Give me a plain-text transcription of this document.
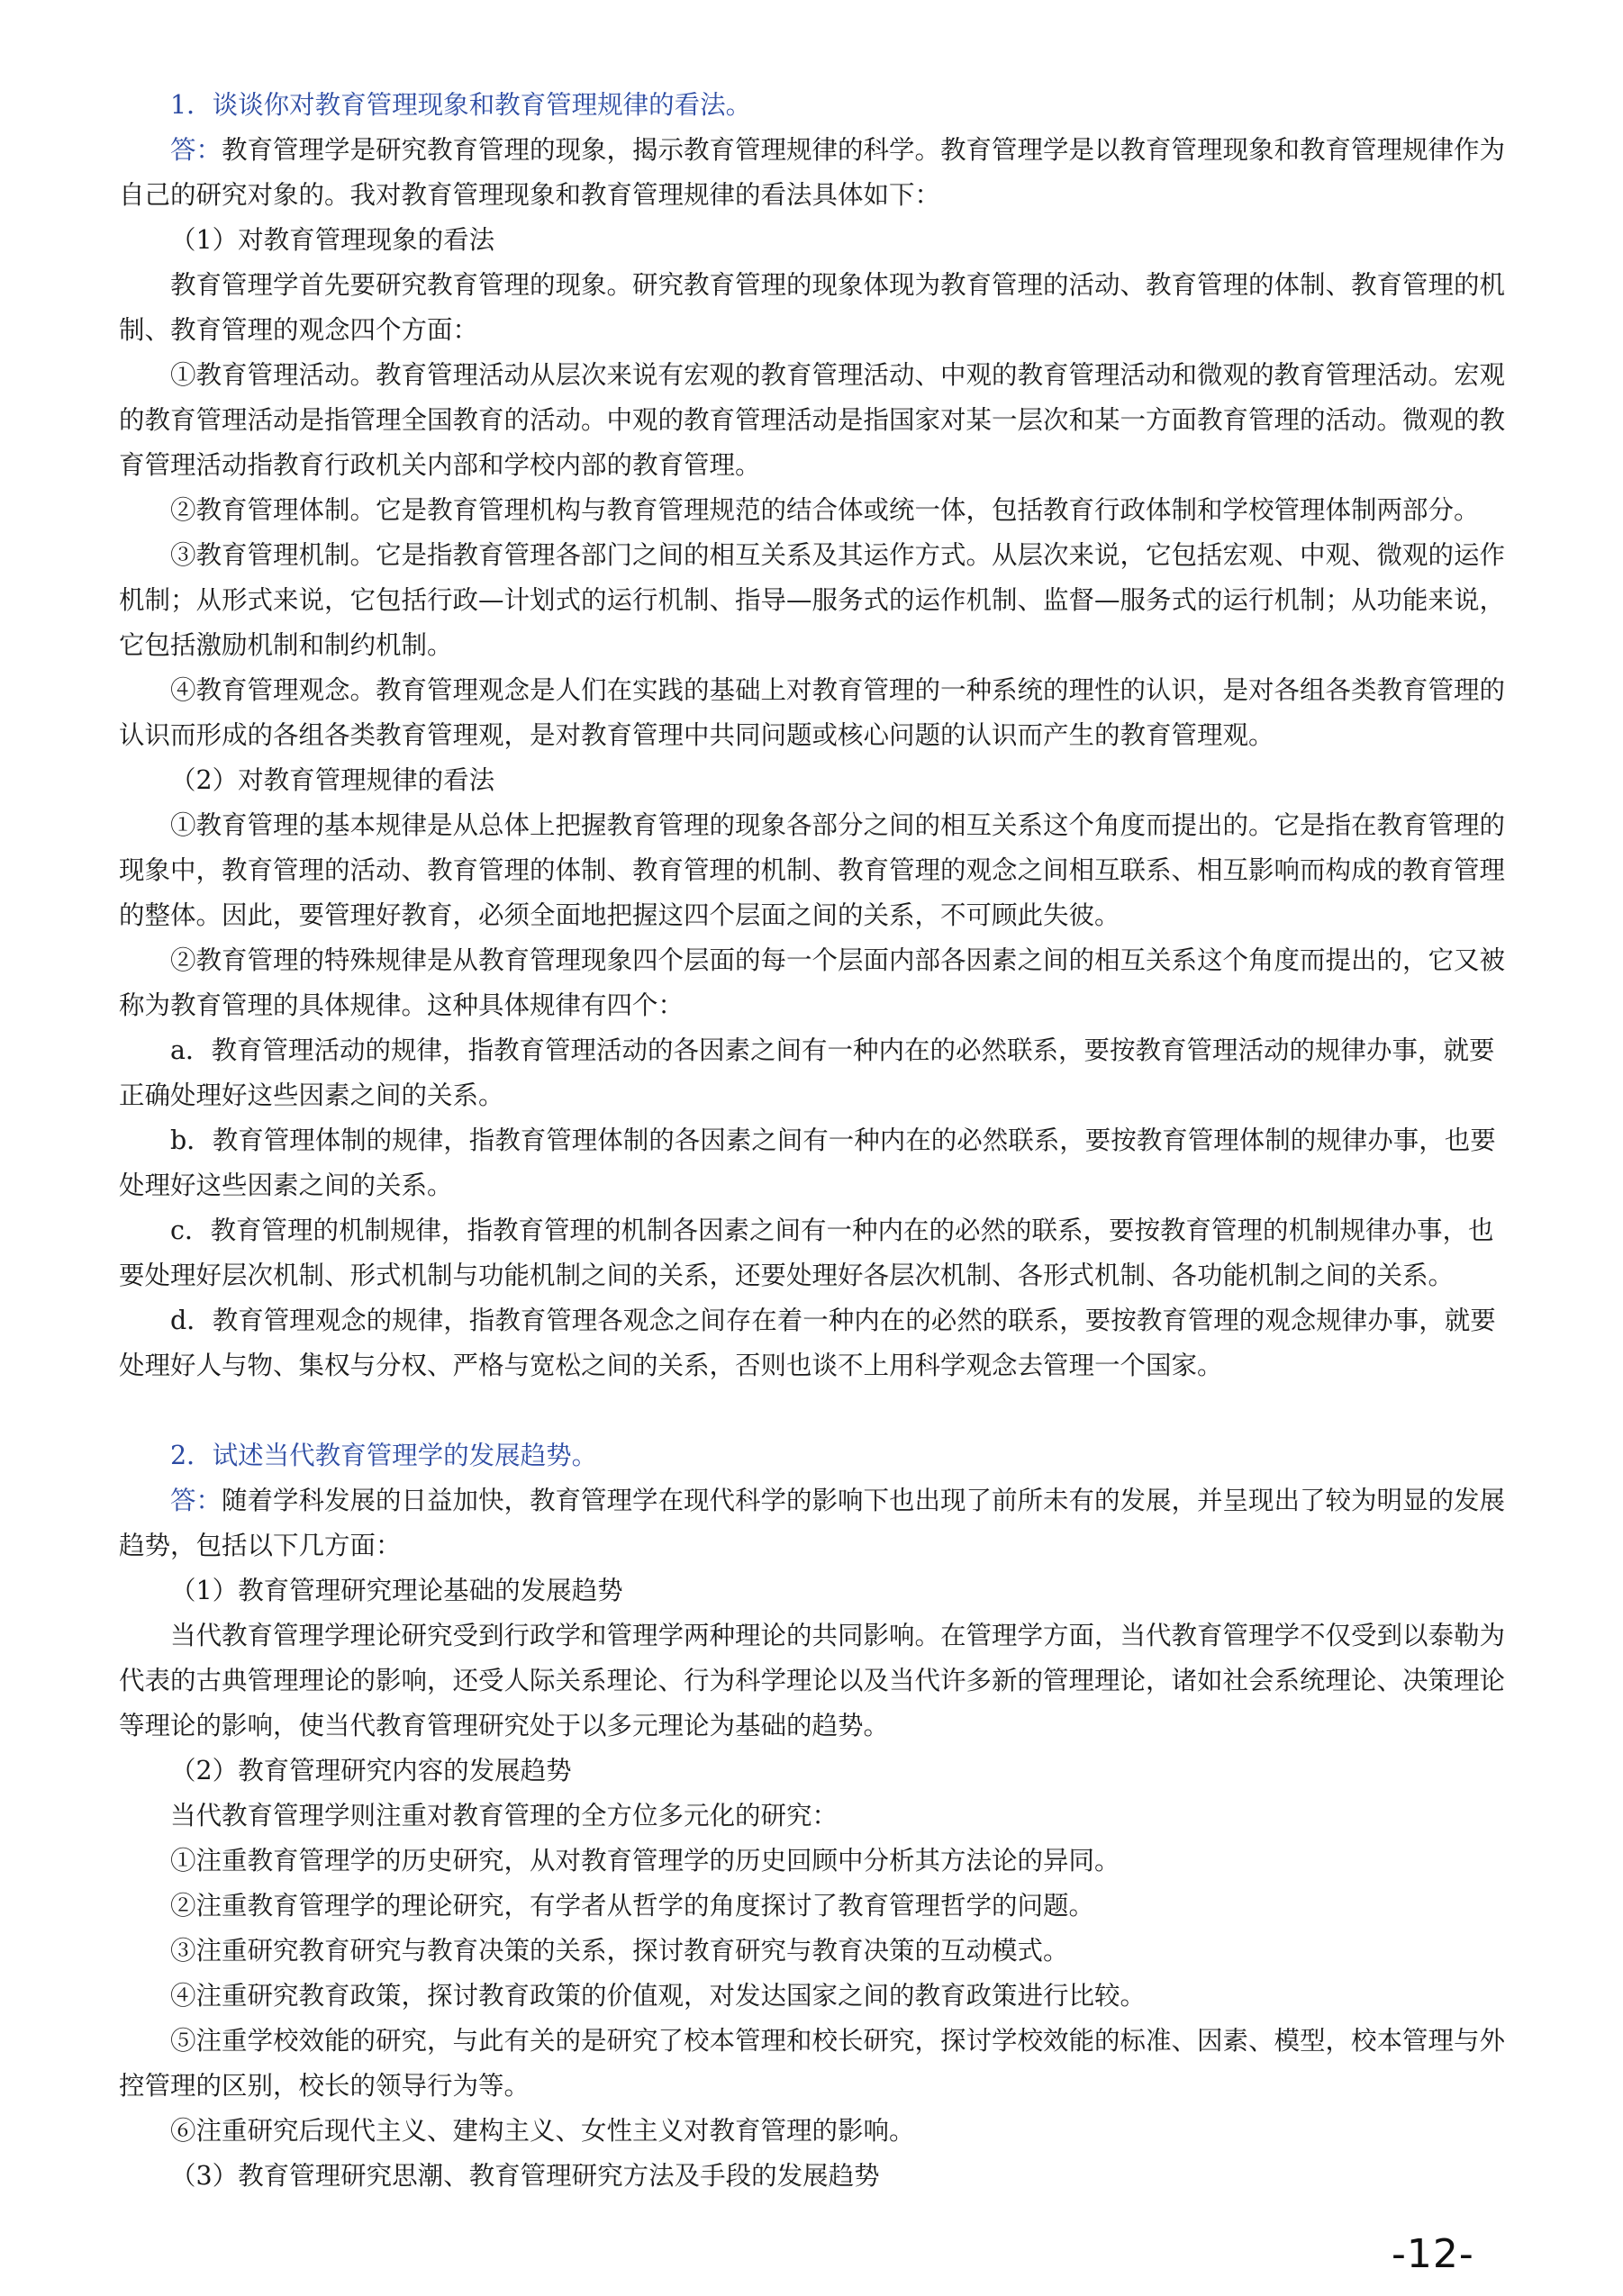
1．谈谈你对教育管理现象和教育管理规律的看法。

答：教育管理学是研究教育管理的现象，揭示教育管理规律的科学。教育管理学是以教育管理现象和教育管理规律作为自己的研究对象的。我对教育管理现象和教育管理规律的看法具体如下：

（1）对教育管理现象的看法

教育管理学首先要研究教育管理的现象。研究教育管理的现象体现为教育管理的活动、教育管理的体制、教育管理的机制、教育管理的观念四个方面：

①教育管理活动。教育管理活动从层次来说有宏观的教育管理活动、中观的教育管理活动和微观的教育管理活动。宏观的教育管理活动是指管理全国教育的活动。中观的教育管理活动是指国家对某一层次和某一方面教育管理的活动。微观的教育管理活动指教育行政机关内部和学校内部的教育管理。

②教育管理体制。它是教育管理机构与教育管理规范的结合体或统一体，包括教育行政体制和学校管理体制两部分。

③教育管理机制。它是指教育管理各部门之间的相互关系及其运作方式。从层次来说，它包括宏观、中观、微观的运作机制；从形式来说，它包括行政—计划式的运行机制、指导—服务式的运作机制、监督—服务式的运行机制；从功能来说，它包括激励机制和制约机制。

④教育管理观念。教育管理观念是人们在实践的基础上对教育管理的一种系统的理性的认识，是对各组各类教育管理的认识而形成的各组各类教育管理观，是对教育管理中共同问题或核心问题的认识而产生的教育管理观。

（2）对教育管理规律的看法

①教育管理的基本规律是从总体上把握教育管理的现象各部分之间的相互关系这个角度而提出的。它是指在教育管理的现象中，教育管理的活动、教育管理的体制、教育管理的机制、教育管理的观念之间相互联系、相互影响而构成的教育管理的整体。因此，要管理好教育，必须全面地把握这四个层面之间的关系，不可顾此失彼。

②教育管理的特殊规律是从教育管理现象四个层面的每一个层面内部各因素之间的相互关系这个角度而提出的，它又被称为教育管理的具体规律。这种具体规律有四个：

a．教育管理活动的规律，指教育管理活动的各因素之间有一种内在的必然联系，要按教育管理活动的规律办事，就要正确处理好这些因素之间的关系。

b．教育管理体制的规律，指教育管理体制的各因素之间有一种内在的必然联系，要按教育管理体制的规律办事，也要处理好这些因素之间的关系。

c．教育管理的机制规律，指教育管理的机制各因素之间有一种内在的必然的联系，要按教育管理的机制规律办事，也要处理好层次机制、形式机制与功能机制之间的关系，还要处理好各层次机制、各形式机制、各功能机制之间的关系。

d．教育管理观念的规律，指教育管理各观念之间存在着一种内在的必然的联系，要按教育管理的观念规律办事，就要处理好人与物、集权与分权、严格与宽松之间的关系，否则也谈不上用科学观念去管理一个国家。

2．试述当代教育管理学的发展趋势。

答：随着学科发展的日益加快，教育管理学在现代科学的影响下也出现了前所未有的发展，并呈现出了较为明显的发展趋势，包括以下几方面：

（1）教育管理研究理论基础的发展趋势

当代教育管理学理论研究受到行政学和管理学两种理论的共同影响。在管理学方面，当代教育管理学不仅受到以泰勒为代表的古典管理理论的影响，还受人际关系理论、行为科学理论以及当代许多新的管理理论，诸如社会系统理论、决策理论等理论的影响，使当代教育管理研究处于以多元理论为基础的趋势。

（2）教育管理研究内容的发展趋势

当代教育管理学则注重对教育管理的全方位多元化的研究：

①注重教育管理学的历史研究，从对教育管理学的历史回顾中分析其方法论的异同。

②注重教育管理学的理论研究，有学者从哲学的角度探讨了教育管理哲学的问题。

③注重研究教育研究与教育决策的关系，探讨教育研究与教育决策的互动模式。

④注重研究教育政策，探讨教育政策的价值观，对发达国家之间的教育政策进行比较。

⑤注重学校效能的研究，与此有关的是研究了校本管理和校长研究，探讨学校效能的标准、因素、模型，校本管理与外控管理的区别，校长的领导行为等。

⑥注重研究后现代主义、建构主义、女性主义对教育管理的影响。

（3）教育管理研究思潮、教育管理研究方法及手段的发展趋势

-12-
